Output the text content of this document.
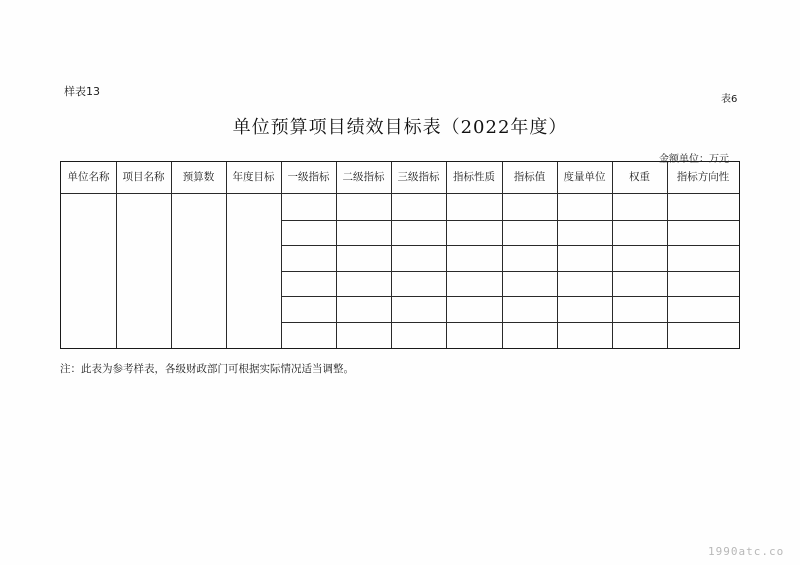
样表13
表6
单位预算项目绩效目标表（2022年度）
金额单位：万元
单位名称	项目名称	预算数	年度目标	一级指标	二级指标	三级指标	指标性质	指标值	度量单位	权重	指标方向性
注：此表为参考样表，各级财政部门可根据实际情况适当调整。
1990atc.co
